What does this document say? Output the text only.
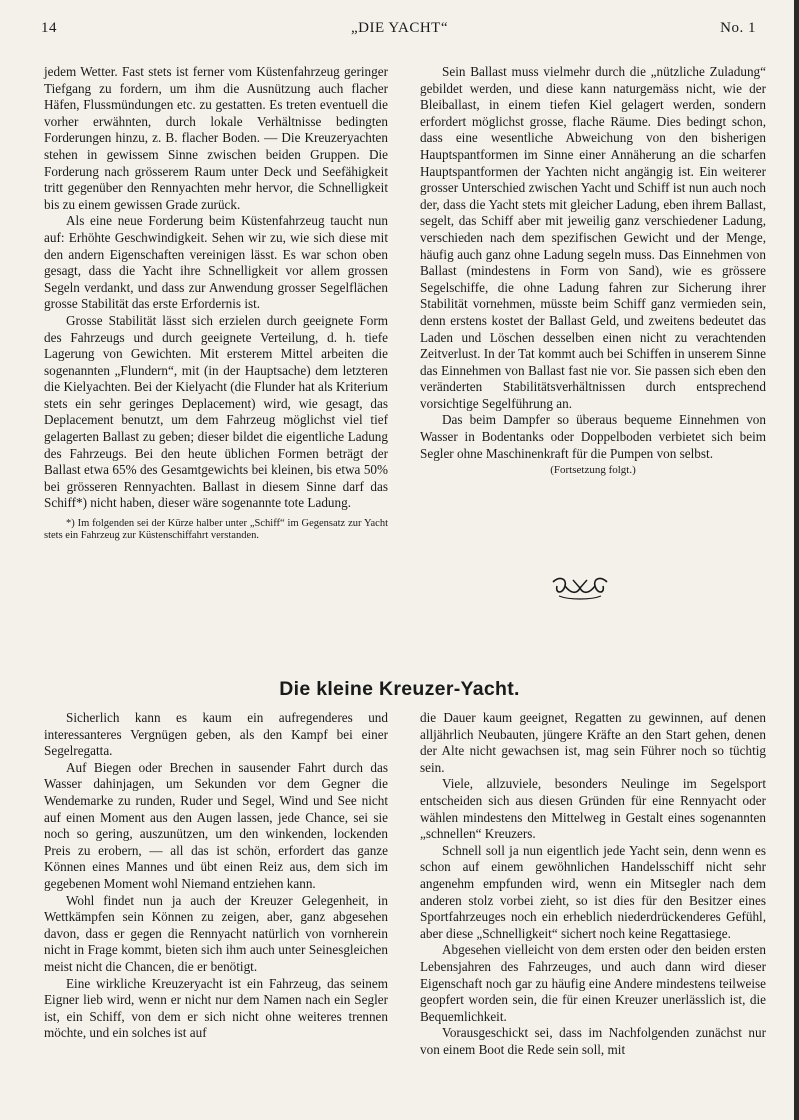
14	„DIE YACHT“	No. 1

jedem Wetter. Fast stets ist ferner vom Küstenfahrzeug geringer Tiefgang zu fordern, um ihm die Ausnützung auch flacher Häfen, Flussmündungen etc. zu gestatten. Es treten eventuell die vorher erwähnten, durch lokale Verhältnisse bedingten Forderungen hinzu, z. B. flacher Boden. — Die Kreuzeryachten stehen in gewissem Sinne zwischen beiden Gruppen. Die Forderung nach grösserem Raum unter Deck und Seefähigkeit tritt gegenüber den Rennyachten mehr hervor, die Schnelligkeit bis zu einem gewissen Grade zurück.

Als eine neue Forderung beim Küstenfahrzeug taucht nun auf: Erhöhte Geschwindigkeit. Sehen wir zu, wie sich diese mit den andern Eigenschaften vereinigen lässt. Es war schon oben gesagt, dass die Yacht ihre Schnelligkeit vor allem grossen Segeln verdankt, und dass zur Anwendung grosser Segelflächen grosse Stabilität das erste Erfordernis ist.

Grosse Stabilität lässt sich erzielen durch geeignete Form des Fahrzeugs und durch geeignete Verteilung, d. h. tiefe Lagerung von Gewichten. Mit ersterem Mittel arbeiten die sogenannten „Flundern“, mit (in der Hauptsache) dem letzteren die Kielyachten. Bei der Kielyacht (die Flunder hat als Kriterium stets ein sehr geringes Deplacement) wird, wie gesagt, das Deplacement benutzt, um dem Fahrzeug möglichst viel tief gelagerten Ballast zu geben; dieser bildet die eigentliche Ladung des Fahrzeugs. Bei den heute üblichen Formen beträgt der Ballast etwa 65% des Gesamtgewichts bei kleinen, bis etwa 50% bei grösseren Rennyachten. Ballast in diesem Sinne darf das Schiff*) nicht haben, dieser wäre sogenannte tote Ladung.

*) Im folgenden sei der Kürze halber unter „Schiff“ im Gegensatz zur Yacht stets ein Fahrzeug zur Küstenschiffahrt verstanden.

Sein Ballast muss vielmehr durch die „nützliche Zuladung“ gebildet werden, und diese kann naturgemäss nicht, wie der Bleiballast, in einem tiefen Kiel gelagert werden, sondern erfordert möglichst grosse, flache Räume. Dies bedingt schon, dass eine wesentliche Abweichung von den bisherigen Hauptspantformen im Sinne einer Annäherung an die scharfen Hauptspantformen der Yachten nicht angängig ist. Ein weiterer grosser Unterschied zwischen Yacht und Schiff ist nun auch noch der, dass die Yacht stets mit gleicher Ladung, eben ihrem Ballast, segelt, das Schiff aber mit jeweilig ganz verschiedener Ladung, verschieden nach dem spezifischen Gewicht und der Menge, häufig auch ganz ohne Ladung segeln muss. Das Einnehmen von Ballast (mindestens in Form von Sand), wie es grössere Segelschiffe, die ohne Ladung fahren zur Sicherung ihrer Stabilität vornehmen, müsste beim Schiff ganz vermieden sein, denn erstens kostet der Ballast Geld, und zweitens bedeutet das Laden und Löschen desselben einen nicht zu verachtenden Zeitverlust. In der Tat kommt auch bei Schiffen in unserem Sinne das Einnehmen von Ballast fast nie vor. Sie passen sich eben den veränderten Stabilitätsverhältnissen durch entsprechend vorsichtige Segelführung an.

Das beim Dampfer so überaus bequeme Einnehmen von Wasser in Bodentanks oder Doppelboden verbietet sich beim Segler ohne Maschinenkraft für die Pumpen von selbst.

(Fortsetzung folgt.)

Die kleine Kreuzer-Yacht.

Sicherlich kann es kaum ein aufregenderes und interessanteres Vergnügen geben, als den Kampf bei einer Segelregatta.

Auf Biegen oder Brechen in sausender Fahrt durch das Wasser dahinjagen, um Sekunden vor dem Gegner die Wendemarke zu runden, Ruder und Segel, Wind und See nicht auf einen Moment aus den Augen lassen, jede Chance, sei sie noch so gering, auszunützen, um den winkenden, lockenden Preis zu erobern, — all das ist schön, erfordert das ganze Können eines Mannes und übt einen Reiz aus, dem sich im gegebenen Moment wohl Niemand entziehen kann.

Wohl findet nun ja auch der Kreuzer Gelegenheit, in Wettkämpfen sein Können zu zeigen, aber, ganz abgesehen davon, dass er gegen die Rennyacht natürlich von vornherein nicht in Frage kommt, bieten sich ihm auch unter Seinesgleichen meist nicht die Chancen, die er benötigt.

Eine wirkliche Kreuzeryacht ist ein Fahrzeug, das seinem Eigner lieb wird, wenn er nicht nur dem Namen nach ein Segler ist, ein Schiff, von dem er sich nicht ohne weiteres trennen möchte, und ein solches ist auf

die Dauer kaum geeignet, Regatten zu gewinnen, auf denen alljährlich Neubauten, jüngere Kräfte an den Start gehen, denen der Alte nicht gewachsen ist, mag sein Führer noch so tüchtig sein.

Viele, allzuviele, besonders Neulinge im Segelsport entscheiden sich aus diesen Gründen für eine Rennyacht oder wählen mindestens den Mittelweg in Gestalt eines sogenannten „schnellen“ Kreuzers.

Schnell soll ja nun eigentlich jede Yacht sein, denn wenn es schon auf einem gewöhnlichen Handelsschiff nicht sehr angenehm empfunden wird, wenn ein Mitsegler nach dem anderen stolz vorbei zieht, so ist dies für den Besitzer eines Sportfahrzeuges noch ein erheblich niederdrückenderes Gefühl, aber diese „Schnelligkeit“ sichert noch keine Regattasiege.

Abgesehen vielleicht von dem ersten oder den beiden ersten Lebensjahren des Fahrzeuges, und auch dann wird dieser Eigenschaft noch gar zu häufig eine Andere mindestens teilweise geopfert worden sein, die für einen Kreuzer unerlässlich ist, die Bequemlichkeit.

Vorausgeschickt sei, dass im Nachfolgenden zunächst nur von einem Boot die Rede sein soll, mit
